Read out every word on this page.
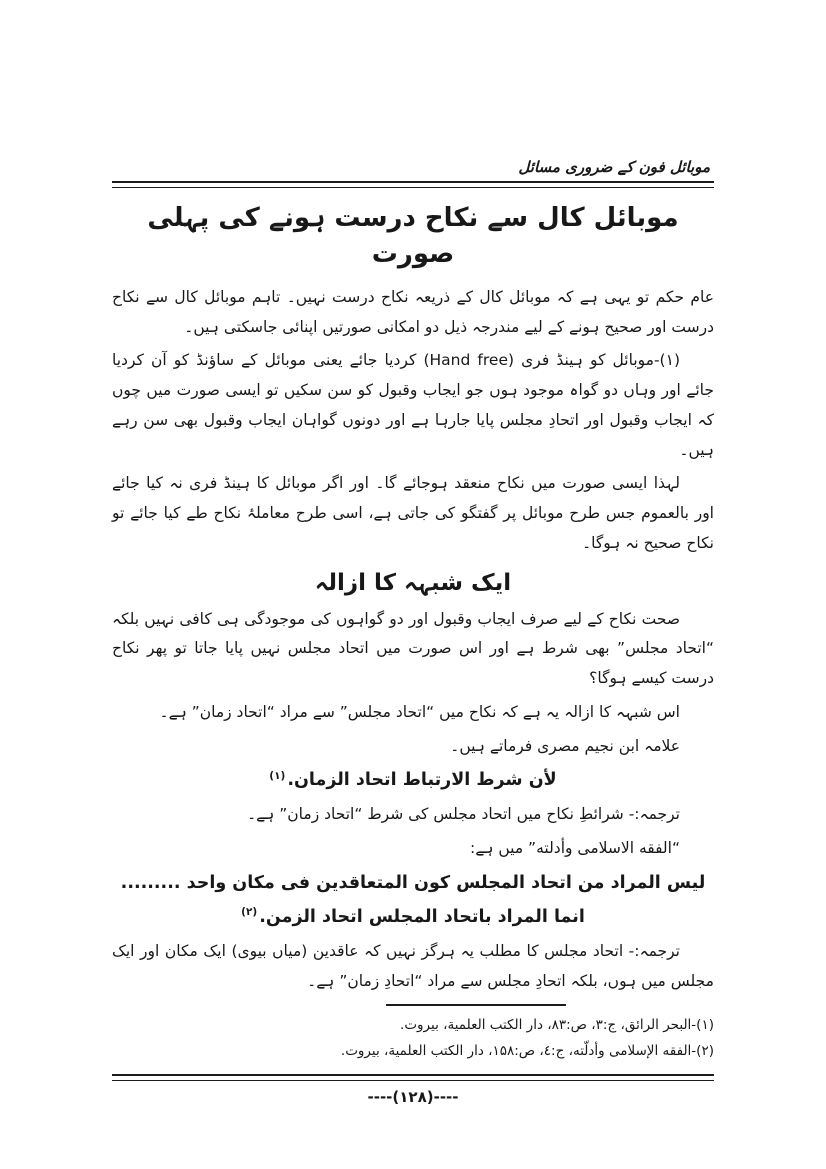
موبائل فون کے ضروری مسائل
موبائل کال سے نکاح درست ہونے کی پہلی صورت

عام حکم تو یہی ہے کہ موبائل کال کے ذریعہ نکاح درست نہیں۔ تاہم موبائل کال سے نکاح درست اور صحیح ہونے کے لیے مندرجہ ذیل دو امکانی صورتیں اپنائی جاسکتی ہیں۔

(۱)-موبائل کو ہینڈ فری (Hand free) کردیا جائے یعنی موبائل کے ساؤنڈ کو آن کردیا جائے اور وہاں دو گواہ موجود ہوں جو ایجاب وقبول کو سن سکیں تو ایسی صورت میں چوں کہ ایجاب وقبول اور اتحادِ مجلس پایا جارہا ہے اور دونوں گواہان ایجاب وقبول بھی سن رہے ہیں۔

لہذا ایسی صورت میں نکاح منعقد ہوجائے گا۔ اور اگر موبائل کا ہینڈ فری نہ کیا جائے اور بالعموم جس طرح موبائل پر گفتگو کی جاتی ہے، اسی طرح معاملۂ نکاح طے کیا جائے تو نکاح صحیح نہ ہوگا۔

ایک شبہہ کا ازالہ

صحت نکاح کے لیے صرف ایجاب وقبول اور دو گواہوں کی موجودگی ہی کافی نہیں بلکہ “اتحاد مجلس” بھی شرط ہے اور اس صورت میں اتحاد مجلس نہیں پایا جاتا تو پھر نکاح درست کیسے ہوگا؟

اس شبہہ کا ازالہ یہ ہے کہ نکاح میں “اتحاد مجلس” سے مراد “اتحاد زمان” ہے۔

علامہ ابن نجیم مصری فرماتے ہیں۔

لأن شرط الارتباط اتحاد الزمان.$^{(۱)}$

ترجمہ:- شرائطِ نکاح میں اتحاد مجلس کی شرط “اتحاد زمان” ہے۔

“الفقه الاسلامی وأدلته” میں ہے:

ليس المراد من اتحاد المجلس كون المتعاقدين فى مكان واحد .........

انما المراد باتحاد المجلس اتحاد الزمن.$^{(۲)}$

ترجمہ:- اتحاد مجلس کا مطلب یہ ہرگز نہیں کہ عاقدین (میاں بیوی) ایک مکان اور ایک مجلس میں ہوں، بلکہ اتحادِ مجلس سے مراد “اتحادِ زمان” ہے۔

(۱)-البحر الرائق، ج:۳، ص:۸۳، دار الكتب العلمية، بيروت.

(۲)-الفقه الإسلامى وأدلّته، ج:٤، ص:۱۵۸، دار الكتب العلمية، بيروت.

----(۱۲۸)----
